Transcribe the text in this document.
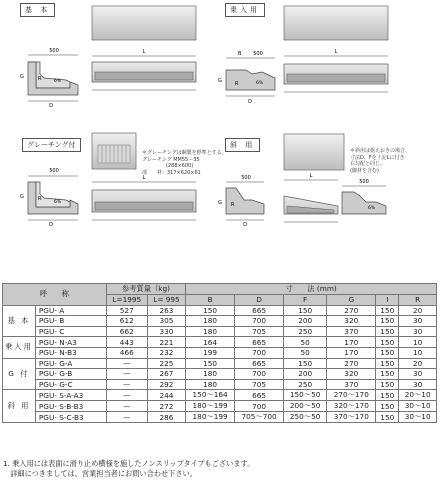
基 本	乗入用
グレーチング付	斜 用
500
G	R	6%
D
L	500
B
G	R	6%
D
L
500
G	R
6%
D
L	500
500
G R
6%
D
L
＊グレーチングは鋼製を標準とする。
グレーチング MM55－35
(288×600)
部　　材：317×620×61
＊斜用は据えおきの場合、
寸法D、Fを上記Lに付き
右勾配と同じ。
(脚材を含む)
呼　　称		参考質量（kg)		寸　　法 (mm)					
		L=1995	L= 995	B	D	F	G	I	R
基 本	PGU- A	527	263	150	665	150	270	150	20
	PGU- B	612	305	180	700	200	320	150	30
	PGU- C	662	330	180	705	250	370	150	30
乗入用	PGU- N-A3	443	221	164	665	50	170	150	10
	PGU- N-B3	466	232	199	700	50	170	150	10
G 付	PGU- G-A	—	225	150	665	150	270	150	20
	PGU- G-B	—	267	180	700	200	320	150	30
	PGU- G-C	—	292	180	705	250	370	150	30
斜 用	PGU- S-A-A3	—	244	150～164	665	150～50	270～170	150	20～10
	PGU- S-B-B3	—	272	180～199	700	200～50	320～170	150	30～10
	PGU- S-C-B3	—	286	180～199	705～700	250～50	370～170	150	30～10
1. 乗入用には表面に滑り止め横様を施したノンスリップタイプもございます。
　詳細につきましては、営業担当者にお問い合わせ下さい。
